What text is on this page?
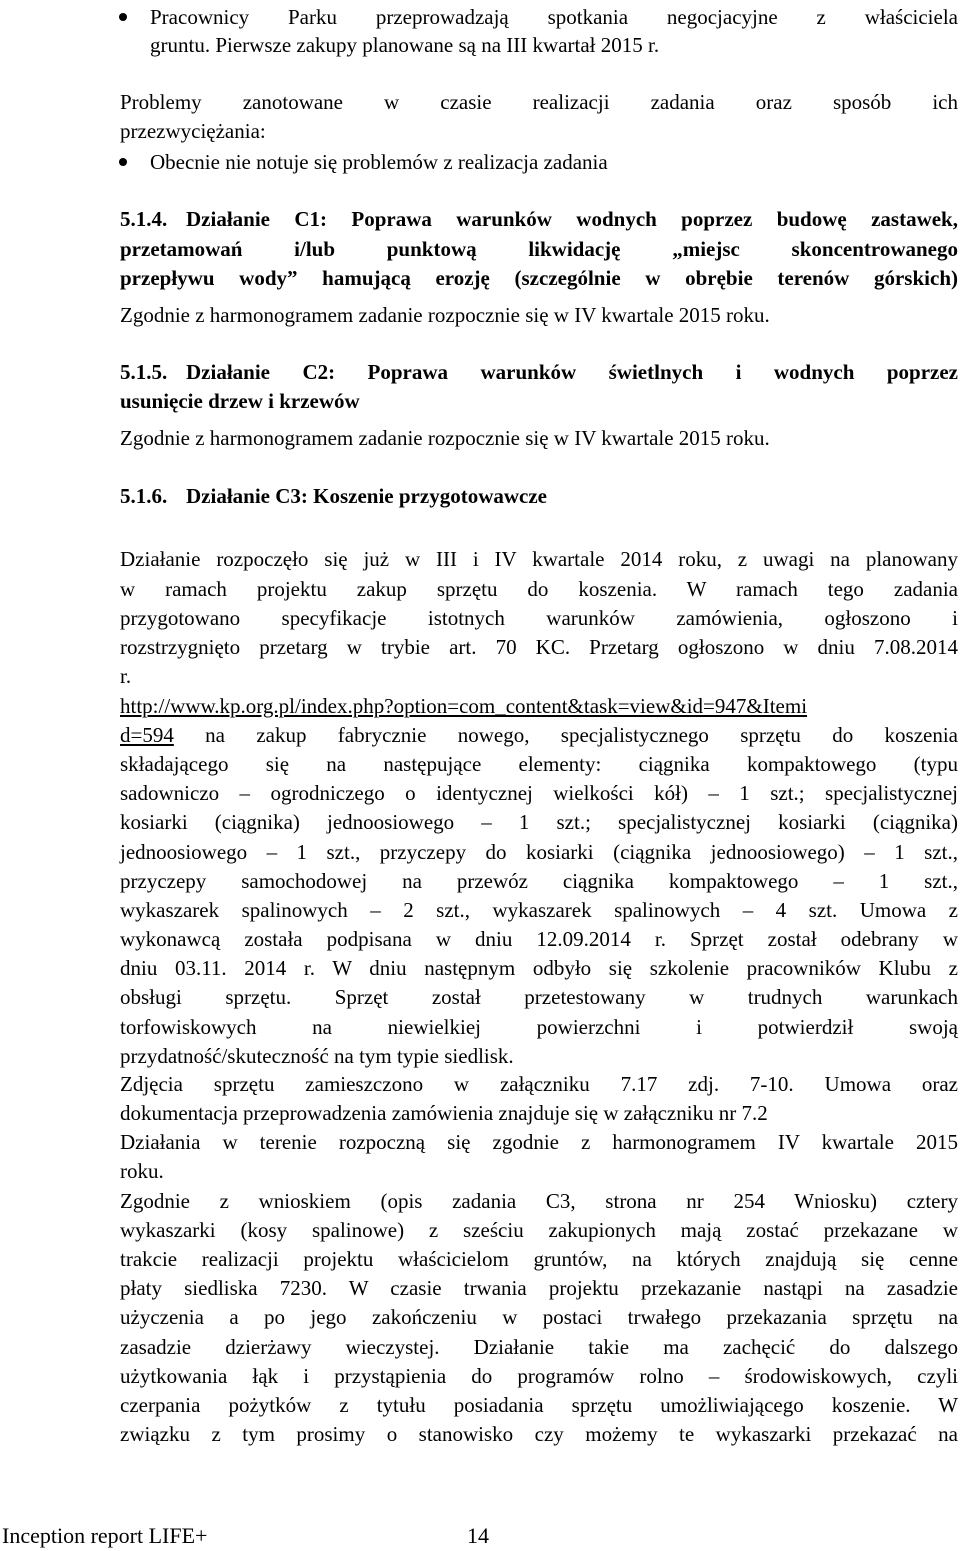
Pracownicy Parku przeprowadzają spotkania negocjacyjne z właściciela
gruntu. Pierwsze zakupy planowane są na III kwartał 2015 r.
Problemy zanotowane w czasie realizacji zadania oraz sposób ich
przezwyciężania:
Obecnie nie notuje się problemów z realizacja zadania
5.1.4. Działanie C1: Poprawa warunków wodnych poprzez budowę zastawek,
przetamowań i/lub punktową likwidację „miejsc skoncentrowanego
przepływu wody” hamującą erozję (szczególnie w obrębie terenów górskich)
Zgodnie z harmonogramem zadanie rozpocznie się w IV kwartale 2015 roku.
5.1.5. Działanie C2: Poprawa warunków świetlnych i wodnych poprzez
usunięcie drzew i krzewów
Zgodnie z harmonogramem zadanie rozpocznie się w IV kwartale 2015 roku.
5.1.6. Działanie C3: Koszenie przygotowawcze
Działanie rozpoczęło się już w III i IV kwartale 2014 roku, z uwagi na planowany
w ramach projektu zakup sprzętu do koszenia. W ramach tego zadania
przygotowano specyfikacje istotnych warunków zamówienia, ogłoszono i
rozstrzygnięto przetarg w trybie art. 70 KC. Przetarg ogłoszono w dniu 7.08.2014
r.
http://www.kp.org.pl/index.php?option=com_content&task=view&id=947&Itemi
d=594 na zakup fabrycznie nowego, specjalistycznego sprzętu do koszenia
składającego się na następujące elementy: ciągnika kompaktowego (typu
sadowniczo – ogrodniczego o identycznej wielkości kół) – 1 szt.; specjalistycznej
kosiarki (ciągnika) jednoosiowego – 1 szt.; specjalistycznej kosiarki (ciągnika)
jednoosiowego – 1 szt., przyczepy do kosiarki (ciągnika jednoosiowego) – 1 szt.,
przyczepy samochodowej na przewóz ciągnika kompaktowego – 1 szt.,
wykaszarek spalinowych – 2 szt., wykaszarek spalinowych – 4 szt. Umowa z
wykonawcą została podpisana w dniu 12.09.2014 r. Sprzęt został odebrany w
dniu 03.11. 2014 r. W dniu następnym odbyło się szkolenie pracowników Klubu z
obsługi sprzętu. Sprzęt został przetestowany w trudnych warunkach
torfowiskowych na niewielkiej powierzchni i potwierdził swoją
przydatność/skuteczność na tym typie siedlisk.
Zdjęcia sprzętu zamieszczono w załączniku 7.17 zdj. 7-10. Umowa oraz
dokumentacja przeprowadzenia zamówienia znajduje się w załączniku nr 7.2
Działania w terenie rozpoczną się zgodnie z harmonogramem IV kwartale 2015
roku.
Zgodnie z wnioskiem (opis zadania C3, strona nr 254 Wniosku) cztery
wykaszarki (kosy spalinowe) z sześciu zakupionych mają zostać przekazane w
trakcie realizacji projektu właścicielom gruntów, na których znajdują się cenne
płaty siedliska 7230. W czasie trwania projektu przekazanie nastąpi na zasadzie
użyczenia a po jego zakończeniu w postaci trwałego przekazania sprzętu na
zasadzie dzierżawy wieczystej. Działanie takie ma zachęcić do dalszego
użytkowania łąk i przystąpienia do programów rolno – środowiskowych, czyli
czerpania pożytków z tytułu posiadania sprzętu umożliwiającego koszenie. W
związku z tym prosimy o stanowisko czy możemy te wykaszarki przekazać na
Inception report LIFE+	14
